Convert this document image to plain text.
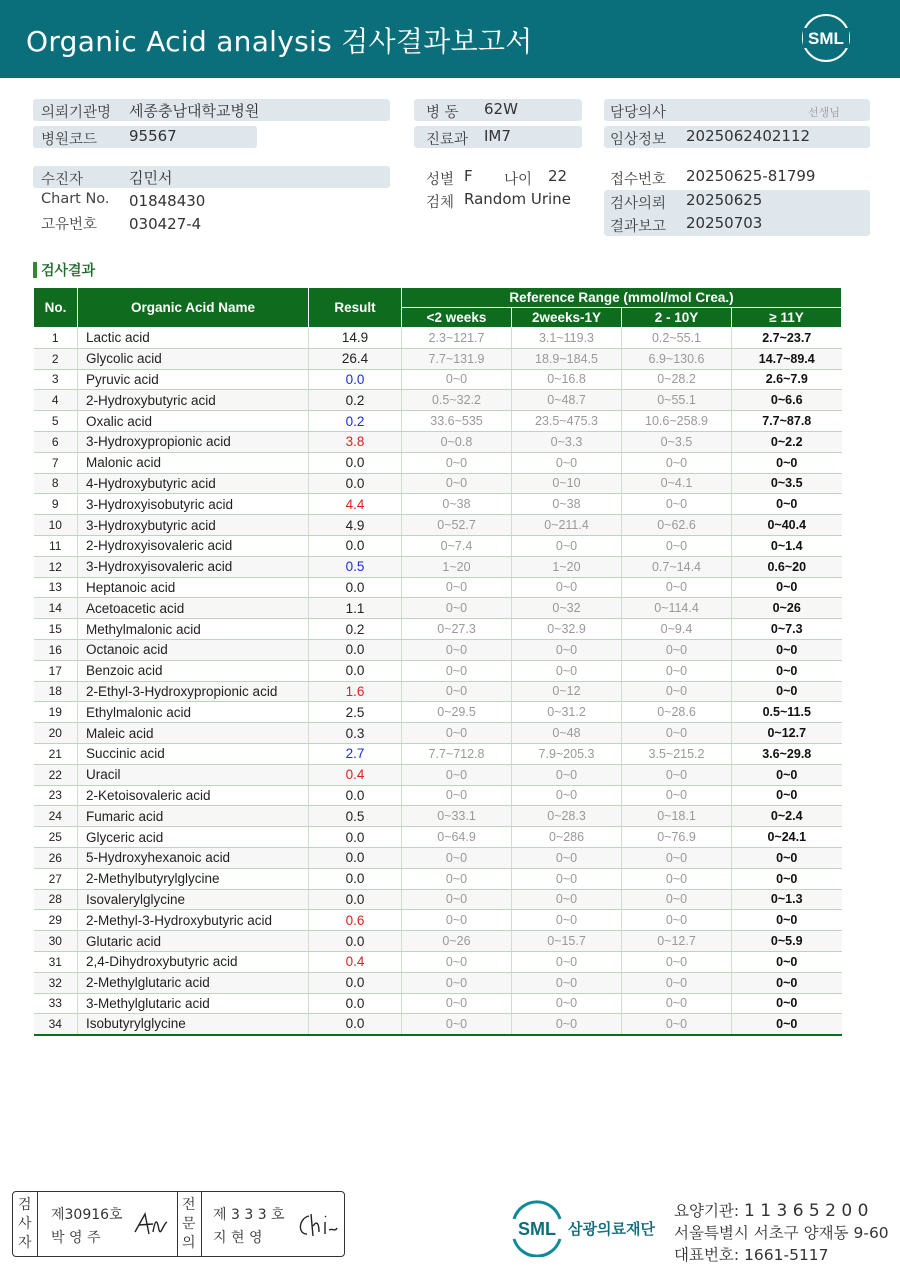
Organic Acid analysis 검사결과보고서	SML
의뢰기관명 세종충남대학교병원
병원코드 95567
병 동 62W
진료과 IM7
담당의사	선생님
임상정보 2025062402112
수진자	김민서
Chart No. 01848430
고유번호 030427-4
성별 F 나이 22
검체 Random Urine
접수번호 20250625-81799
검사의뢰 20250625
결과보고 20250703
검사결과
No.	Organic Acid Name	Result	Reference Range (mmol/mol Crea.)			
			<2 weeks	2weeks-1Y	2 - 10Y	≥ 11Y
1	Lactic acid	14.9	2.3~121.7	3.1~119.3	0.2~55.1	2.7~23.7
2	Glycolic acid	26.4	7.7~131.9	18.9~184.5	6.9~130.6	14.7~89.4
3	Pyruvic acid	0.0	0~0	0~16.8	0~28.2	2.6~7.9
4	2-Hydroxybutyric acid	0.2	0.5~32.2	0~48.7	0~55.1	0~6.6
5	Oxalic acid	0.2	33.6~535	23.5~475.3	10.6~258.9	7.7~87.8
6	3-Hydroxypropionic acid	3.8	0~0.8	0~3.3	0~3.5	0~2.2
7	Malonic acid	0.0	0~0	0~0	0~0	0~0
8	4-Hydroxybutyric acid	0.0	0~0	0~10	0~4.1	0~3.5
9	3-Hydroxyisobutyric acid	4.4	0~38	0~38	0~0	0~0
10	3-Hydroxybutyric acid	4.9	0~52.7	0~211.4	0~62.6	0~40.4
11	2-Hydroxyisovaleric acid	0.0	0~7.4	0~0	0~0	0~1.4
12	3-Hydroxyisovaleric acid	0.5	1~20	1~20	0.7~14.4	0.6~20
13	Heptanoic acid	0.0	0~0	0~0	0~0	0~0
14	Acetoacetic acid	1.1	0~0	0~32	0~114.4	0~26
15	Methylmalonic acid	0.2	0~27.3	0~32.9	0~9.4	0~7.3
16	Octanoic acid	0.0	0~0	0~0	0~0	0~0
17	Benzoic acid	0.0	0~0	0~0	0~0	0~0
18	2-Ethyl-3-Hydroxypropionic acid	1.6	0~0	0~12	0~0	0~0
19	Ethylmalonic acid	2.5	0~29.5	0~31.2	0~28.6	0.5~11.5
20	Maleic acid	0.3	0~0	0~48	0~0	0~12.7
21	Succinic acid	2.7	7.7~712.8	7.9~205.3	3.5~215.2	3.6~29.8
22	Uracil	0.4	0~0	0~0	0~0	0~0
23	2-Ketoisovaleric acid	0.0	0~0	0~0	0~0	0~0
24	Fumaric acid	0.5	0~33.1	0~28.3	0~18.1	0~2.4
25	Glyceric acid	0.0	0~64.9	0~286	0~76.9	0~24.1
26	5-Hydroxyhexanoic acid	0.0	0~0	0~0	0~0	0~0
27	2-Methylbutyrylglycine	0.0	0~0	0~0	0~0	0~0
28	Isovalerylglycine	0.0	0~0	0~0	0~0	0~1.3
29	2-Methyl-3-Hydroxybutyric acid	0.6	0~0	0~0	0~0	0~0
30	Glutaric acid	0.0	0~26	0~15.7	0~12.7	0~5.9
31	2,4-Dihydroxybutyric acid	0.4	0~0	0~0	0~0	0~0
32	2-Methylglutaric acid	0.0	0~0	0~0	0~0	0~0
33	3-Methylglutaric acid	0.0	0~0	0~0	0~0	0~0
34	Isobutyrylglycine	0.0	0~0	0~0	0~0	0~0
검사자
제30916호
박 영 주
전문의
제 3 3 3 호
지 현 영	SML 삼광의료재단
요양기관: 1 1 3 6 5 2 0 0
서울특별시 서초구 양재동 9-60
대표번호: 1661-5117
